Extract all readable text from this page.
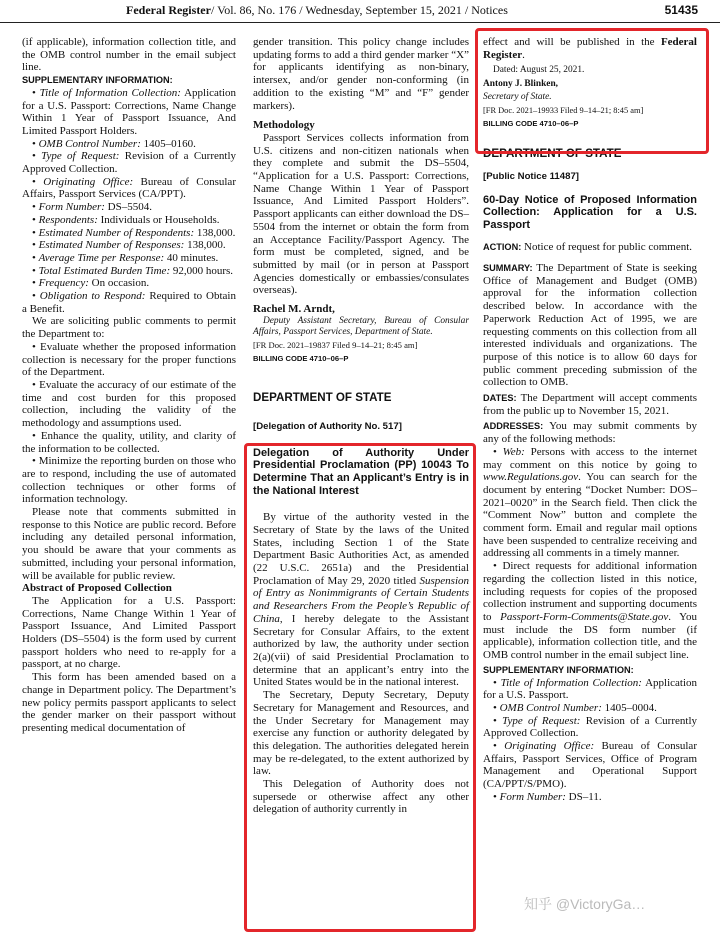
Federal Register/ Vol. 86, No. 176 / Wednesday, September 15, 2021 / Notices	51435

(if applicable), information collection title, and the OMB control number in the email subject line.

SUPPLEMENTARY INFORMATION:

• Title of Information Collection: Application for a U.S. Passport: Corrections, Name Change Within 1 Year of Passport Issuance, And Limited Passport Holders.

• OMB Control Number: 1405–0160.

• Type of Request: Revision of a Currently Approved Collection.

• Originating Office: Bureau of Consular Affairs, Passport Services (CA/PPT).

• Form Number: DS–5504.

• Respondents: Individuals or Households.

• Estimated Number of Respondents: 138,000.

• Estimated Number of Responses: 138,000.

• Average Time per Response: 40 minutes.

• Total Estimated Burden Time: 92,000 hours.

• Frequency: On occasion.

• Obligation to Respond: Required to Obtain a Benefit.

We are soliciting public comments to permit the Department to:

• Evaluate whether the proposed information collection is necessary for the proper functions of the Department.

• Evaluate the accuracy of our estimate of the time and cost burden for this proposed collection, including the validity of the methodology and assumptions used.

• Enhance the quality, utility, and clarity of the information to be collected.

• Minimize the reporting burden on those who are to respond, including the use of automated collection techniques or other forms of information technology.

Please note that comments submitted in response to this Notice are public record. Before including any detailed personal information, you should be aware that your comments as submitted, including your personal information, will be available for public review.

Abstract of Proposed Collection

The Application for a U.S. Passport: Corrections, Name Change Within 1 Year of Passport Issuance, And Limited Passport Holders (DS–5504) is the form used by current passport holders who need to re-apply for a passport, at no charge.

This form has been amended based on a change in Department policy. The Department’s new policy permits passport applicants to select the gender marker on their passport without presenting medical documentation of

gender transition. This policy change includes updating forms to add a third gender marker “X” for applicants identifying as non-binary, intersex, and/or gender non-conforming (in addition to the existing “M” and “F” gender markers).

Methodology

Passport Services collects information from U.S. citizens and non-citizen nationals when they complete and submit the DS–5504, “Application for a U.S. Passport: Corrections, Name Change Within 1 Year of Passport Issuance, And Limited Passport Holders”. Passport applicants can either download the DS–5504 from the internet or obtain the form from an Acceptance Facility/Passport Agency. The form must be completed, signed, and be submitted by mail (or in person at Passport Agencies domestically or embassies/consulates overseas).

Rachel M. Arndt,

Deputy Assistant Secretary, Bureau of Consular Affairs, Passport Services, Department of State.

[FR Doc. 2021–19837 Filed 9–14–21; 8:45 am]

BILLING CODE 4710–06–P

DEPARTMENT OF STATE

[Delegation of Authority No. 517]

Delegation of Authority Under Presidential Proclamation (PP) 10043 To Determine That an Applicant’s Entry is in the National Interest

By virtue of the authority vested in the Secretary of State by the laws of the United States, including Section 1 of the State Department Basic Authorities Act, as amended (22 U.S.C. 2651a) and the Presidential Proclamation of May 29, 2020 titled Suspension of Entry as Nonimmigrants of Certain Students and Researchers From the People’s Republic of China, I hereby delegate to the Assistant Secretary for Consular Affairs, to the extent authorized by law, the authority under section 2(a)(vii) of said Presidential Proclamation to determine that an applicant’s entry into the United States would be in the national interest.

The Secretary, Deputy Secretary, Deputy Secretary for Management and Resources, and the Under Secretary for Management may exercise any function or authority delegated by this delegation. The authorities delegated herein may be re-delegated, to the extent authorized by law.

This Delegation of Authority does not supersede or otherwise affect any other delegation of authority currently in

effect and will be published in the Federal Register.

Dated: August 25, 2021.

Antony J. Blinken,

Secretary of State.

[FR Doc. 2021–19933 Filed 9–14–21; 8:45 am]

BILLING CODE 4710–06–P

DEPARTMENT OF STATE

[Public Notice 11487]

60-Day Notice of Proposed Information Collection: Application for a U.S. Passport

ACTION: Notice of request for public comment.

SUMMARY: The Department of State is seeking Office of Management and Budget (OMB) approval for the information collection described below. In accordance with the Paperwork Reduction Act of 1995, we are requesting comments on this collection from all interested individuals and organizations. The purpose of this notice is to allow 60 days for public comment preceding submission of the collection to OMB.

DATES: The Department will accept comments from the public up to November 15, 2021.

ADDRESSES: You may submit comments by any of the following methods:

• Web: Persons with access to the internet may comment on this notice by going to www.Regulations.gov. You can search for the document by entering “Docket Number: DOS–2021–0020” in the Search field. Then click the “Comment Now” button and complete the comment form. Email and regular mail options have been suspended to centralize receiving and addressing all comments in a timely manner.

• Direct requests for additional information regarding the collection listed in this notice, including requests for copies of the proposed collection instrument and supporting documents to Passport-Form-Comments@State.gov. You must include the DS form number (if applicable), information collection title, and the OMB control number in the email subject line.

SUPPLEMENTARY INFORMATION:

• Title of Information Collection: Application for a U.S. Passport.

• OMB Control Number: 1405–0004.

• Type of Request: Revision of a Currently Approved Collection.

• Originating Office: Bureau of Consular Affairs, Passport Services, Office of Program Management and Operational Support (CA/PPT/S/PMO).

• Form Number: DS–11.

知乎 @VictoryGa…
